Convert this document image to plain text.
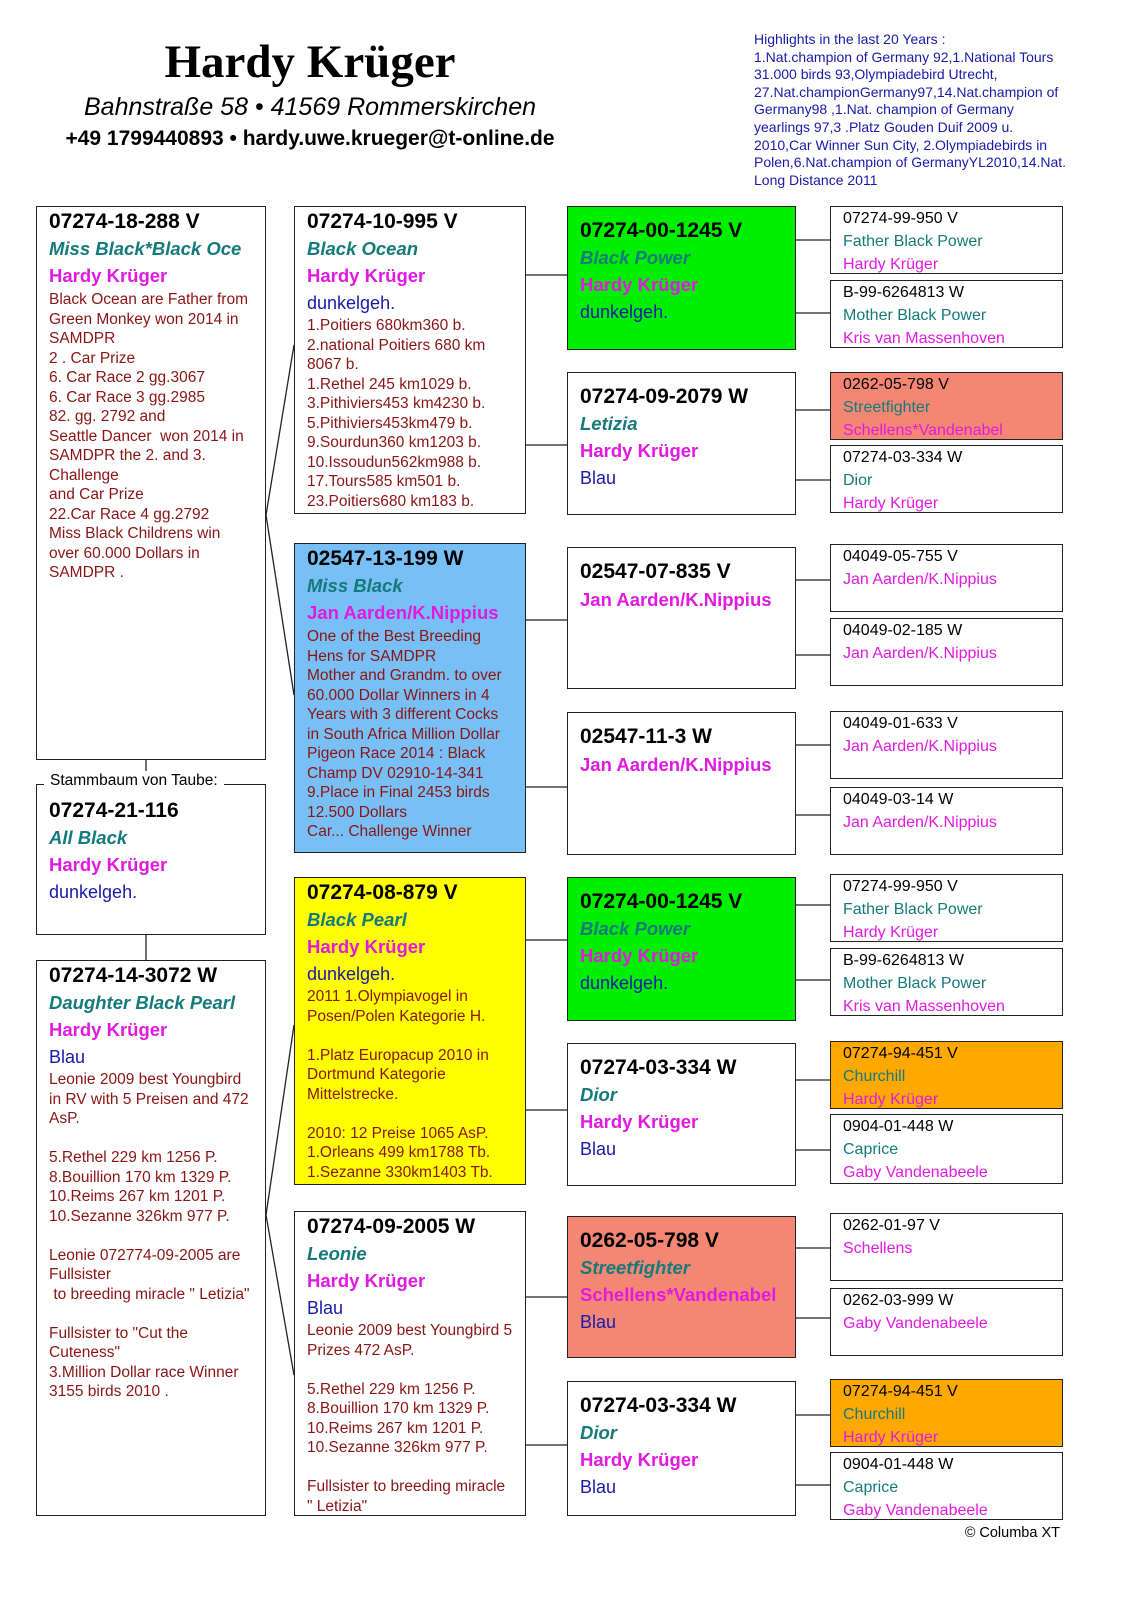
Hardy Krüger
Bahnstraße 58 • 41569 Rommerskirchen
+49 1799440893 • hardy.uwe.krueger@t-online.de
Highlights in the last 20 Years :
1.Nat.champion of Germany 92,1.National Tours 31.000 birds 93,Olympiadebird Utrecht, 27.Nat.championGermany97,14.Nat.champion of Germany98 ,1.Nat. champion of Germany yearlings 97,3 .Platz Gouden Duif 2009 u. 2010,Car Winner Sun City, 2.Olympiadebirds in Polen,6.Nat.champion of GermanyYL2010,14.Nat. Long Distance 2011
07274-18-288 V
Miss Black*Black Oce
Hardy Krüger
Black Ocean are Father from Green Monkey won 2014 in SAMDPR
2 . Car Prize
6. Car Race 2 gg.3067
6. Car Race 3 gg.2985
82. gg. 2792 and
Seattle Dancer  won 2014 in SAMDPR the 2. and 3. Challenge
and Car Prize
22.Car Race 4 gg.2792
Miss Black Childrens win over 60.000 Dollars in SAMDPR .
07274-21-116
All Black
Hardy Krüger
dunkelgeh.
Stammbaum von Taube:
07274-14-3072 W
Daughter Black Pearl
Hardy Krüger
Blau
Leonie 2009 best Youngbird in RV with 5 Preisen and 472 AsP.

5.Rethel 229 km 1256 P.
8.Bouillion 170 km 1329 P.
10.Reims 267 km 1201 P.
10.Sezanne 326km 977 P.

Leonie 072774-09-2005 are Fullsister
to breeding miracle " Letizia"

Fullsister to "Cut the Cuteness"
3.Million Dollar race Winner 3155 birds 2010 .
07274-10-995 V
Black Ocean
Hardy Krüger
dunkelgeh.
1.Poitiers 680km360 b.
2.national Poitiers 680 km 8067 b.
1.Rethel 245 km1029 b.
3.Pithiviers453 km4230 b.
5.Pithiviers453km479 b.
9.Sourdun360 km1203 b.
10.Issoudun562km988 b.
17.Tours585 km501 b.
23.Poitiers680 km183 b.
02547-13-199 W
Miss Black
Jan Aarden/K.Nippius
One of the Best Breeding Hens for SAMDPR
Mother and Grandm. to over 60.000 Dollar Winners in 4 Years with 3 different Cocks in South Africa Million Dollar Pigeon Race 2014 : Black Champ DV 02910-14-341
9.Place in Final 2453 birds
12.500 Dollars
Car... Challenge Winner
07274-08-879 V
Black Pearl
Hardy Krüger
dunkelgeh.
2011 1.Olympiavogel in Posen/Polen Kategorie H.

1.Platz Europacup 2010 in Dortmund Kategorie Mittelstrecke.

2010: 12 Preise 1065 AsP.
1.Orleans 499 km1788 Tb.
1.Sezanne 330km1403 Tb.
07274-09-2005 W
Leonie
Hardy Krüger
Blau
Leonie 2009 best Youngbird 5 Prizes 472 AsP.

5.Rethel 229 km 1256 P.
8.Bouillion 170 km 1329 P.
10.Reims 267 km 1201 P.
10.Sezanne 326km 977 P.

Fullsister to breeding miracle " Letizia"
07274-00-1245 V
Black Power
Hardy Krüger
dunkelgeh.
07274-09-2079 W
Letizia
Hardy Krüger
Blau
02547-07-835 V
Jan Aarden/K.Nippius
02547-11-3 W
Jan Aarden/K.Nippius
07274-00-1245 V
Black Power
Hardy Krüger
dunkelgeh.
07274-03-334 W
Dior
Hardy Krüger
Blau
0262-05-798 V
Streetfighter
Schellens*Vandenabel
Blau
07274-03-334 W
Dior
Hardy Krüger
Blau
07274-99-950 V
Father Black Power
Hardy Krüger
B-99-6264813 W
Mother Black Power
Kris van Massenhoven
0262-05-798 V
Streetfighter
Schellens*Vandenabel
07274-03-334 W
Dior
Hardy Krüger
04049-05-755 V
Jan Aarden/K.Nippius
04049-02-185 W
Jan Aarden/K.Nippius
04049-01-633 V
Jan Aarden/K.Nippius
04049-03-14 W
Jan Aarden/K.Nippius
07274-99-950 V
Father Black Power
Hardy Krüger
B-99-6264813 W
Mother Black Power
Kris van Massenhoven
07274-94-451 V
Churchill
Hardy Krüger
0904-01-448 W
Caprice
Gaby Vandenabeele
0262-01-97 V
Schellens
0262-03-999 W
Gaby Vandenabeele
07274-94-451 V
Churchill
Hardy Krüger
0904-01-448 W
Caprice
Gaby Vandenabeele
© Columba XT
